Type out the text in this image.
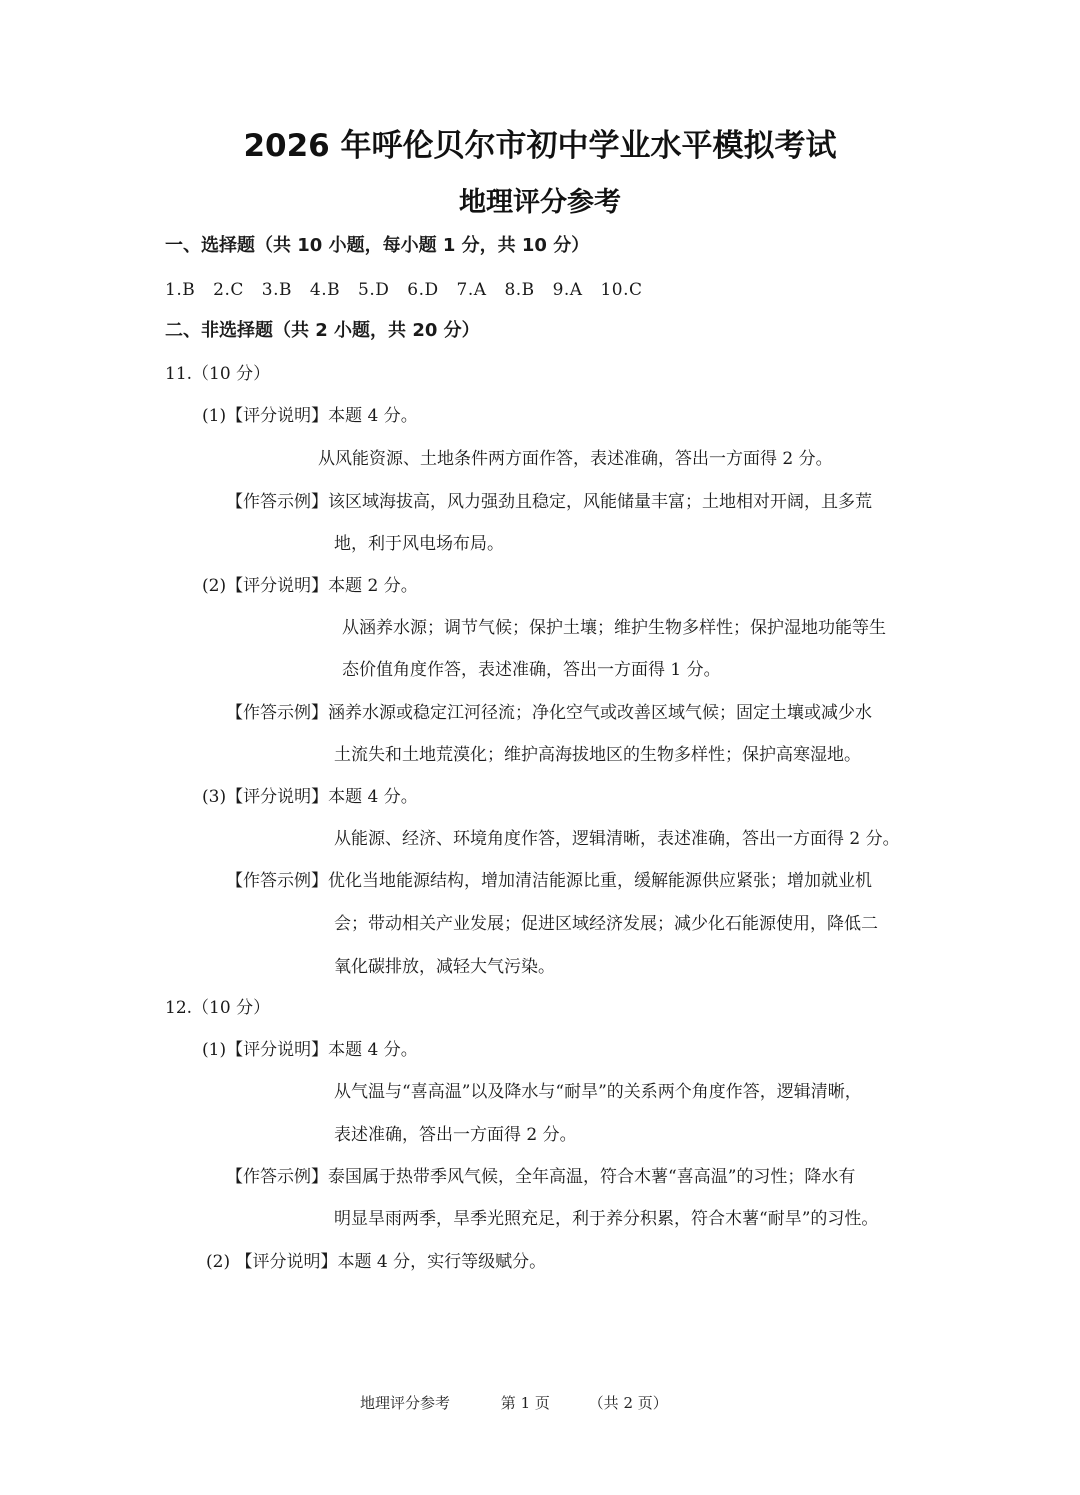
2026 年呼伦贝尔市初中学业水平模拟考试
地理评分参考
一、选择题（共 10 小题，每小题 1 分，共 10 分）
1.B 2.C 3.B 4.B 5.D 6.D 7.A 8.B 9.A 10.C
二、非选择题（共 2 小题，共 20 分）
11.（10 分）
(1)【评分说明】本题 4 分。
从风能资源、土地条件两方面作答，表述准确，答出一方面得 2 分。
【作答示例】该区域海拔高，风力强劲且稳定，风能储量丰富；土地相对开阔，且多荒
地，利于风电场布局。
(2)【评分说明】本题 2 分。
从涵养水源；调节气候；保护土壤；维护生物多样性；保护湿地功能等生
态价值角度作答，表述准确，答出一方面得 1 分。
【作答示例】涵养水源或稳定江河径流；净化空气或改善区域气候；固定土壤或减少水
土流失和土地荒漠化；维护高海拔地区的生物多样性；保护高寒湿地。
(3)【评分说明】本题 4 分。
从能源、经济、环境角度作答，逻辑清晰，表述准确，答出一方面得 2 分。
【作答示例】优化当地能源结构，增加清洁能源比重，缓解能源供应紧张；增加就业机
会；带动相关产业发展；促进区域经济发展；减少化石能源使用，降低二
氧化碳排放，减轻大气污染。
12.（10 分）
(1)【评分说明】本题 4 分。
从气温与“喜高温”以及降水与“耐旱”的关系两个角度作答，逻辑清晰，
表述准确，答出一方面得 2 分。
【作答示例】泰国属于热带季风气候，全年高温，符合木薯“喜高温”的习性；降水有
明显旱雨两季，旱季光照充足，利于养分积累，符合木薯“耐旱”的习性。
(2) 【评分说明】本题 4 分，实行等级赋分。
地理评分参考	第 1 页	（共 2 页）
